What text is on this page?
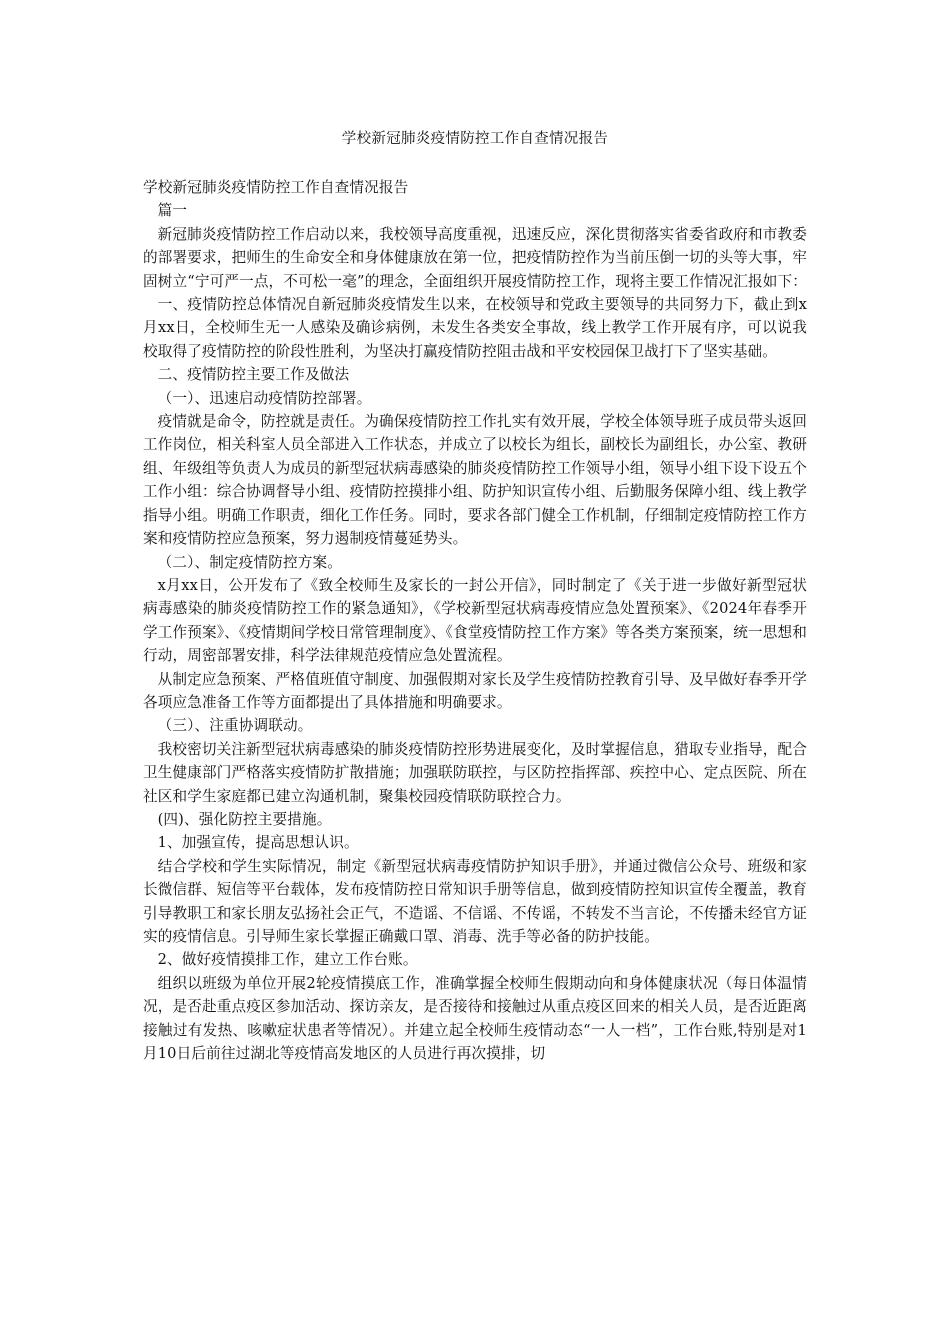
学校新冠肺炎疫情防控工作自查情况报告

学校新冠肺炎疫情防控工作自查情况报告

篇一

新冠肺炎疫情防控工作启动以来，我校领导高度重视，迅速反应，深化贯彻落实省委省政府和市教委的部署要求，把师生的生命安全和身体健康放在第一位，把疫情防控作为当前压倒一切的头等大事，牢固树立“宁可严一点，不可松一毫”的理念，全面组织开展疫情防控工作，现将主要工作情况汇报如下：

一、疫情防控总体情况自新冠肺炎疫情发生以来，在校领导和党政主要领导的共同努力下，截止到x月xx日，全校师生无一人感染及确诊病例，未发生各类安全事故，线上教学工作开展有序，可以说我校取得了疫情防控的阶段性胜利，为坚决打赢疫情防控阻击战和平安校园保卫战打下了坚实基础。

二、疫情防控主要工作及做法

（一）、迅速启动疫情防控部署。

疫情就是命令，防控就是责任。为确保疫情防控工作扎实有效开展，学校全体领导班子成员带头返回工作岗位，相关科室人员全部进入工作状态，并成立了以校长为组长，副校长为副组长，办公室、教研组、年级组等负责人为成员的新型冠状病毒感染的肺炎疫情防控工作领导小组，领导小组下设下设五个工作小组：综合协调督导小组、疫情防控摸排小组、防护知识宣传小组、后勤服务保障小组、线上教学指导小组。明确工作职责，细化工作任务。同时，要求各部门健全工作机制，仔细制定疫情防控工作方案和疫情防控应急预案，努力遏制疫情蔓延势头。

（二）、制定疫情防控方案。

x月xx日，公开发布了《致全校师生及家长的一封公开信》，同时制定了《关于进一步做好新型冠状病毒感染的肺炎疫情防控工作的紧急通知》，《学校新型冠状病毒疫情应急处置预案》、《2024年春季开学工作预案》、《疫情期间学校日常管理制度》、《食堂疫情防控工作方案》等各类方案预案，统一思想和行动，周密部署安排，科学法律规范疫情应急处置流程。

从制定应急预案、严格值班值守制度、加强假期对家长及学生疫情防控教育引导、及早做好春季开学各项应急准备工作等方面都提出了具体措施和明确要求。

（三）、注重协调联动。

我校密切关注新型冠状病毒感染的肺炎疫情防控形势进展变化，及时掌握信息，猎取专业指导，配合卫生健康部门严格落实疫情防扩散措施；加强联防联控，与区防控指挥部、疾控中心、定点医院、所在社区和学生家庭都已建立沟通机制，聚集校园疫情联防联控合力。

(四)、强化防控主要措施。

1、加强宣传，提高思想认识。

结合学校和学生实际情况，制定《新型冠状病毒疫情防护知识手册》，并通过微信公众号、班级和家长微信群、短信等平台载体，发布疫情防控日常知识手册等信息，做到疫情防控知识宣传全覆盖，教育引导教职工和家长朋友弘扬社会正气，不造谣、不信谣、不传谣，不转发不当言论，不传播未经官方证实的疫情信息。引导师生家长掌握正确戴口罩、消毒、洗手等必备的防护技能。

2、做好疫情摸排工作，建立工作台账。

组织以班级为单位开展2轮疫情摸底工作，准确掌握全校师生假期动向和身体健康状况（每日体温情况，是否赴重点疫区参加活动、探访亲友，是否接待和接触过从重点疫区回来的相关人员，是否近距离接触过有发热、咳嗽症状患者等情况）。并建立起全校师生疫情动态“一人一档”，工作台账,特别是对1月10日后前往过湖北等疫情高发地区的人员进行再次摸排，切
